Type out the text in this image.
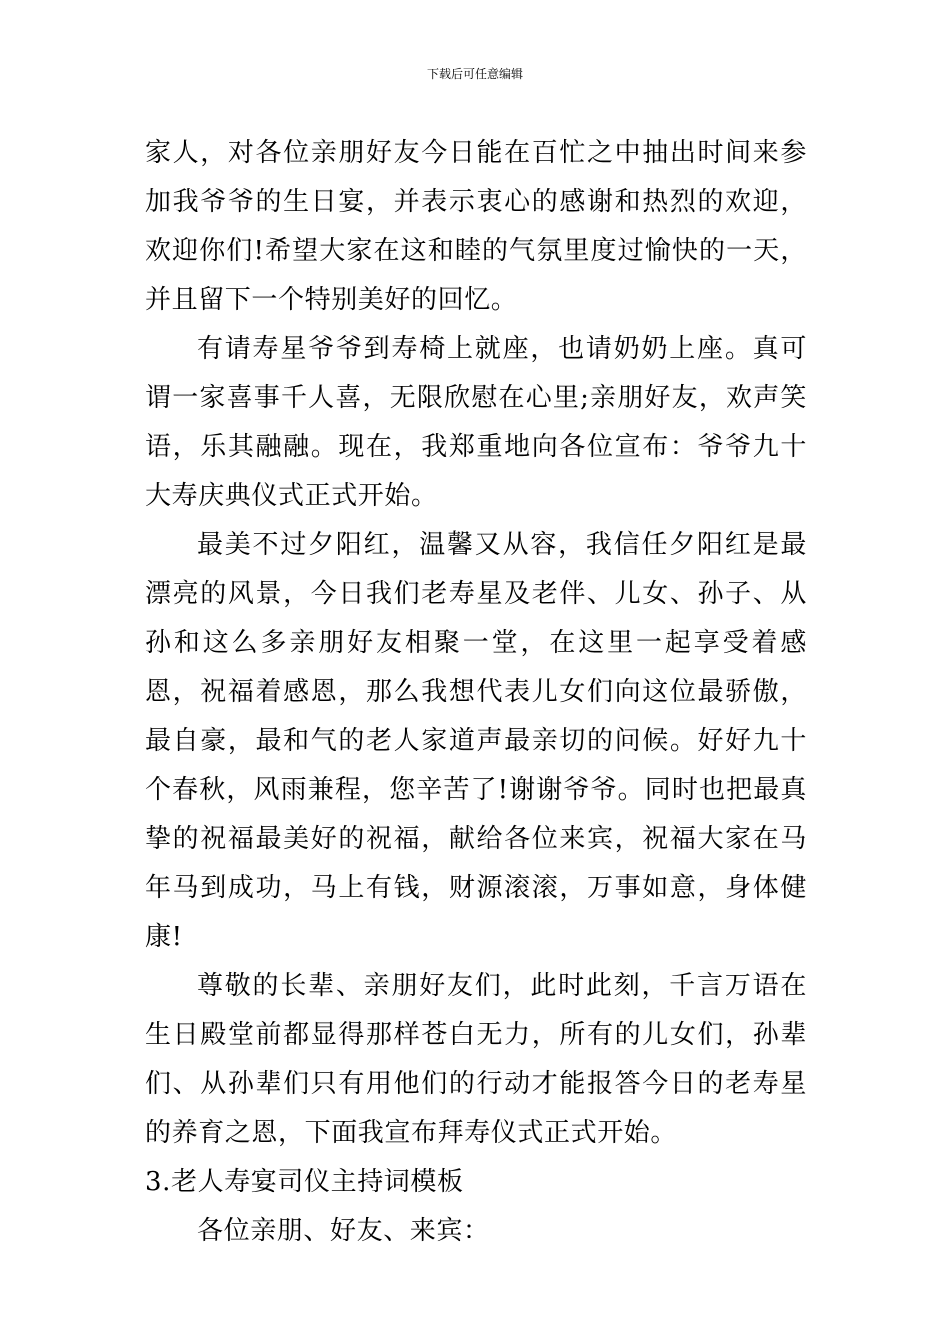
下载后可任意编辑

家人，对各位亲朋好友今日能在百忙之中抽出时间来参加我爷爷的生日宴，并表示衷心的感谢和热烈的欢迎，欢迎你们!希望大家在这和睦的气氛里度过愉快的一天，并且留下一个特别美好的回忆。

有请寿星爷爷到寿椅上就座，也请奶奶上座。真可谓一家喜事千人喜，无限欣慰在心里;亲朋好友，欢声笑语，乐其融融。现在，我郑重地向各位宣布：爷爷九十大寿庆典仪式正式开始。

最美不过夕阳红，温馨又从容，我信任夕阳红是最漂亮的风景，今日我们老寿星及老伴、儿女、孙子、从孙和这么多亲朋好友相聚一堂，在这里一起享受着感恩，祝福着感恩，那么我想代表儿女们向这位最骄傲，最自豪，最和气的老人家道声最亲切的问候。好好九十个春秋，风雨兼程，您辛苦了!谢谢爷爷。同时也把最真挚的祝福最美好的祝福，献给各位来宾，祝福大家在马年马到成功，马上有钱，财源滚滚，万事如意，身体健康!

尊敬的长辈、亲朋好友们，此时此刻，千言万语在生日殿堂前都显得那样苍白无力，所有的儿女们，孙辈们、从孙辈们只有用他们的行动才能报答今日的老寿星的养育之恩，下面我宣布拜寿仪式正式开始。

3.老人寿宴司仪主持词模板

各位亲朋、好友、来宾：
